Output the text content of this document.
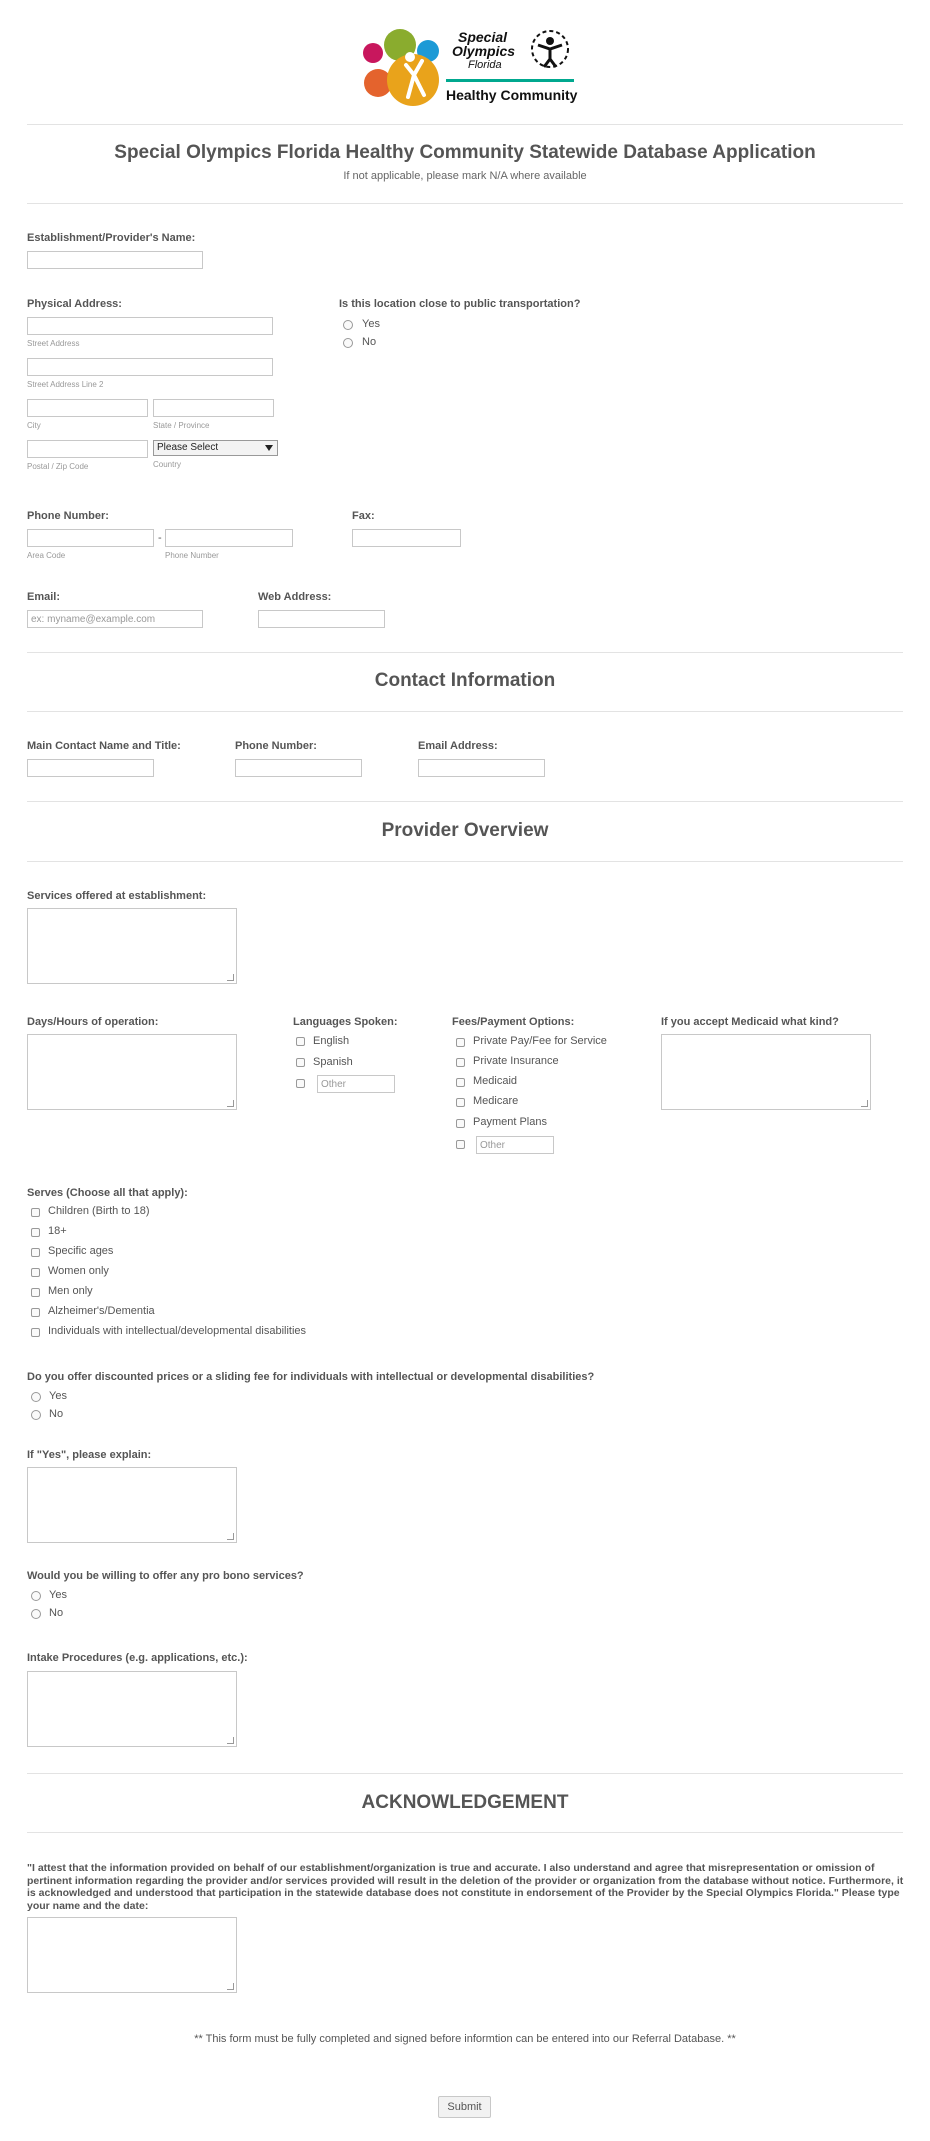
Special
Olympics
Florida
Healthy Community
Special Olympics Florida Healthy Community Statewide Database Application
If not applicable, please mark N/A where available
Establishment/Provider's Name:
Physical Address:
Street Address
Street Address Line 2
City	State / Province
Postal / Zip Code
Please Select
Country
Is this location close to public transportation?
Yes
No
Phone Number:
-
Area Code	Phone Number
Fax:
Email:
ex: myname@example.com
Web Address:
Contact Information
Main Contact Name and Title:	Phone Number:	Email Address:
Provider Overview
Services offered at establishment:
Days/Hours of operation:	Languages Spoken:
English
Spanish
Other
Fees/Payment Options:
Private Pay/Fee for Service
Private Insurance
Medicaid
Medicare
Payment Plans
Other
If you accept Medicaid what kind?
Serves (Choose all that apply):
Children (Birth to 18)
18+
Specific ages
Women only
Men only
Alzheimer's/Dementia
Individuals with intellectual/developmental disabilities
Do you offer discounted prices or a sliding fee for individuals with intellectual or developmental disabilities?
Yes
No
If "Yes", please explain:
Would you be willing to offer any pro bono services?
Yes
No
Intake Procedures (e.g. applications, etc.):
ACKNOWLEDGEMENT
"I attest that the information provided on behalf of our establishment/organization is true and accurate. I also understand and agree that misrepresentation or omission of pertinent information regarding the provider and/or services provided will result in the deletion of the provider or organization from the database without notice. Furthermore, it is acknowledged and understood that participation in the statewide database does not constitute in endorsement of the Provider by the Special Olympics Florida." Please type your name and the date:
** This form must be fully completed and signed before informtion can be entered into our Referral Database. **
Submit
